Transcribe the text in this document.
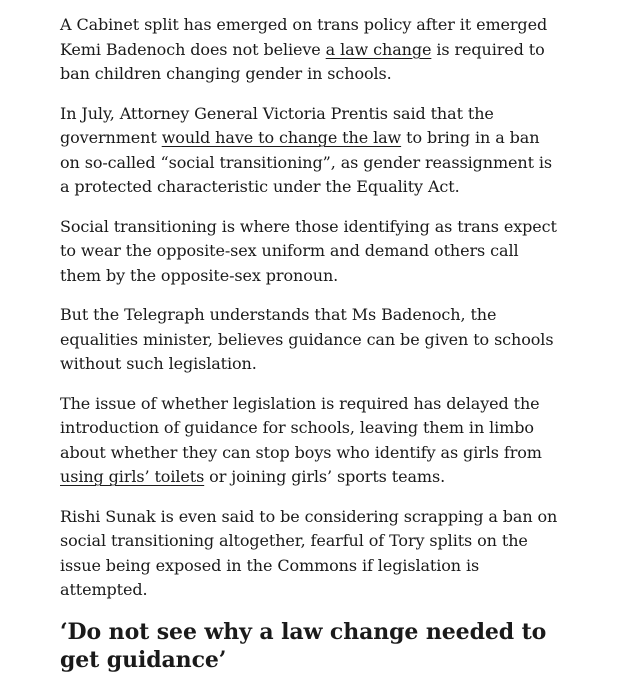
A Cabinet split has emerged on trans policy after it emerged Kemi Badenoch does not believe a law change is required to ban children changing gender in schools.

In July, Attorney General Victoria Prentis said that the government would have to change the law to bring in a ban on so-called “social transitioning”, as gender reassignment is a protected characteristic under the Equality Act.

Social transitioning is where those identifying as trans expect to wear the opposite-sex uniform and demand others call them by the opposite-sex pronoun.

But the Telegraph understands that Ms Badenoch, the equalities minister, believes guidance can be given to schools without such legislation.

The issue of whether legislation is required has delayed the introduction of guidance for schools, leaving them in limbo about whether they can stop boys who identify as girls from using girls’ toilets or joining girls’ sports teams.

Rishi Sunak is even said to be considering scrapping a ban on social transitioning altogether, fearful of Tory splits on the issue being exposed in the Commons if legislation is attempted.

‘Do not see why a law change needed to get guidance’
